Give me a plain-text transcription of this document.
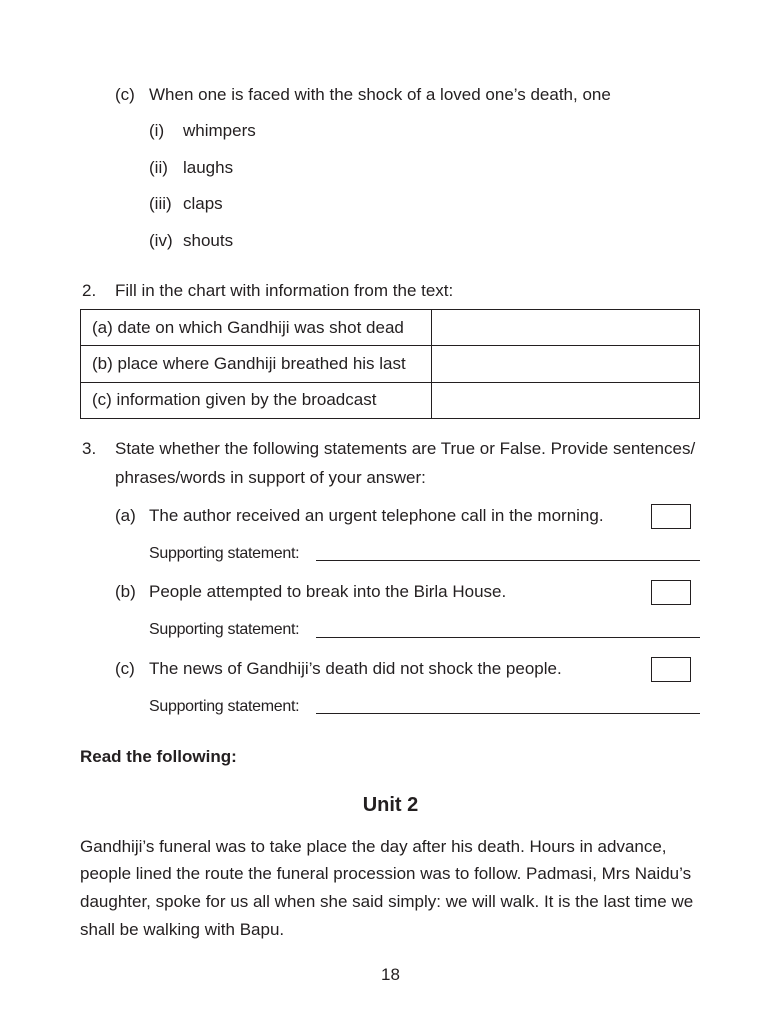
(c) When one is faced with the shock of a loved one’s death, one
(i) whimpers
(ii) laughs
(iii) claps
(iv) shouts
2. Fill in the chart with information from the text:
(a) date on which Gandhiji was shot dead	
(b) place where Gandhiji breathed his last	
(c) information given by the broadcast	
3. State whether the following statements are True or False. Provide sentences/
phrases/words in support of your answer:
(a) The author received an urgent telephone call in the morning.
Supporting statement:
(b) People attempted to break into the Birla House.
Supporting statement:
(c) The news of Gandhiji’s death did not shock the people.
Supporting statement:
Read the following:
Unit 2
Gandhiji’s funeral was to take place the day after his death. Hours in advance,
people lined the route the funeral procession was to follow. Padmasi, Mrs Naidu’s
daughter, spoke for us all when she said simply: we will walk. It is the last time we
shall be walking with Bapu.
18
